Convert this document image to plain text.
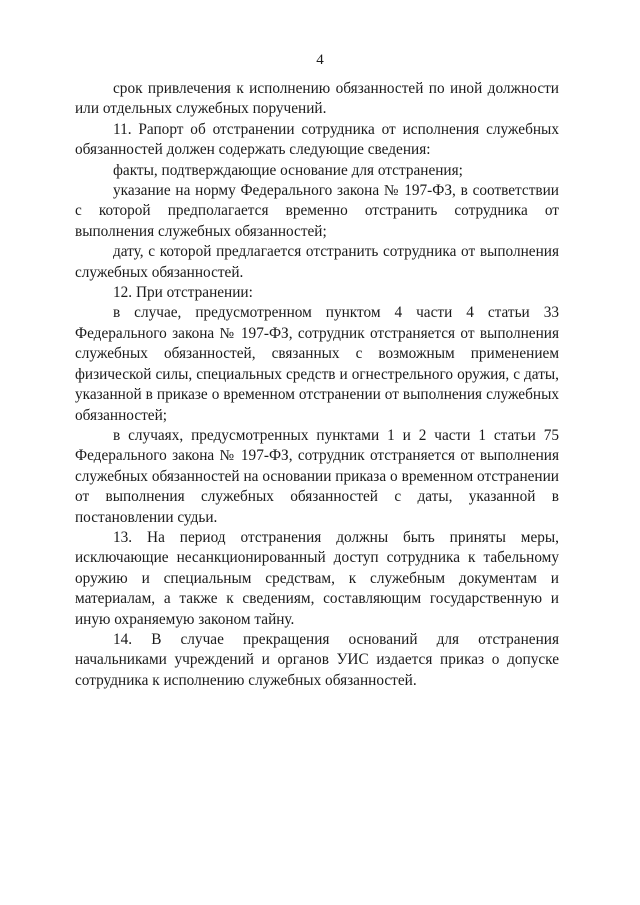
4

срок привлечения к исполнению обязанностей по иной должности или отдельных служебных поручений.

11. Рапорт об отстранении сотрудника от исполнения служебных обязанностей должен содержать следующие сведения:

факты, подтверждающие основание для отстранения;

указание на норму Федерального закона № 197-ФЗ, в соответствии с которой предполагается временно отстранить сотрудника от выполнения служебных обязанностей;

дату, с которой предлагается отстранить сотрудника от выполнения служебных обязанностей.

12. При отстранении:

в случае, предусмотренном пунктом 4 части 4 статьи 33 Федерального закона № 197-ФЗ, сотрудник отстраняется от выполнения служебных обязанностей, связанных с возможным применением физической силы, специальных средств и огнестрельного оружия, с даты, указанной в приказе о временном отстранении от выполнения служебных обязанностей;

в случаях, предусмотренных пунктами 1 и 2 части 1 статьи 75 Федерального закона № 197-ФЗ, сотрудник отстраняется от выполнения служебных обязанностей на основании приказа о временном отстранении от выполнения служебных обязанностей с даты, указанной в постановлении судьи.

13. На период отстранения должны быть приняты меры, исключающие несанкционированный доступ сотрудника к табельному оружию и специальным средствам, к служебным документам и материалам, а также к сведениям, составляющим государственную и иную охраняемую законом тайну.

14. В случае прекращения оснований для отстранения начальниками учреждений и органов УИС издается приказ о допуске сотрудника к исполнению служебных обязанностей.
